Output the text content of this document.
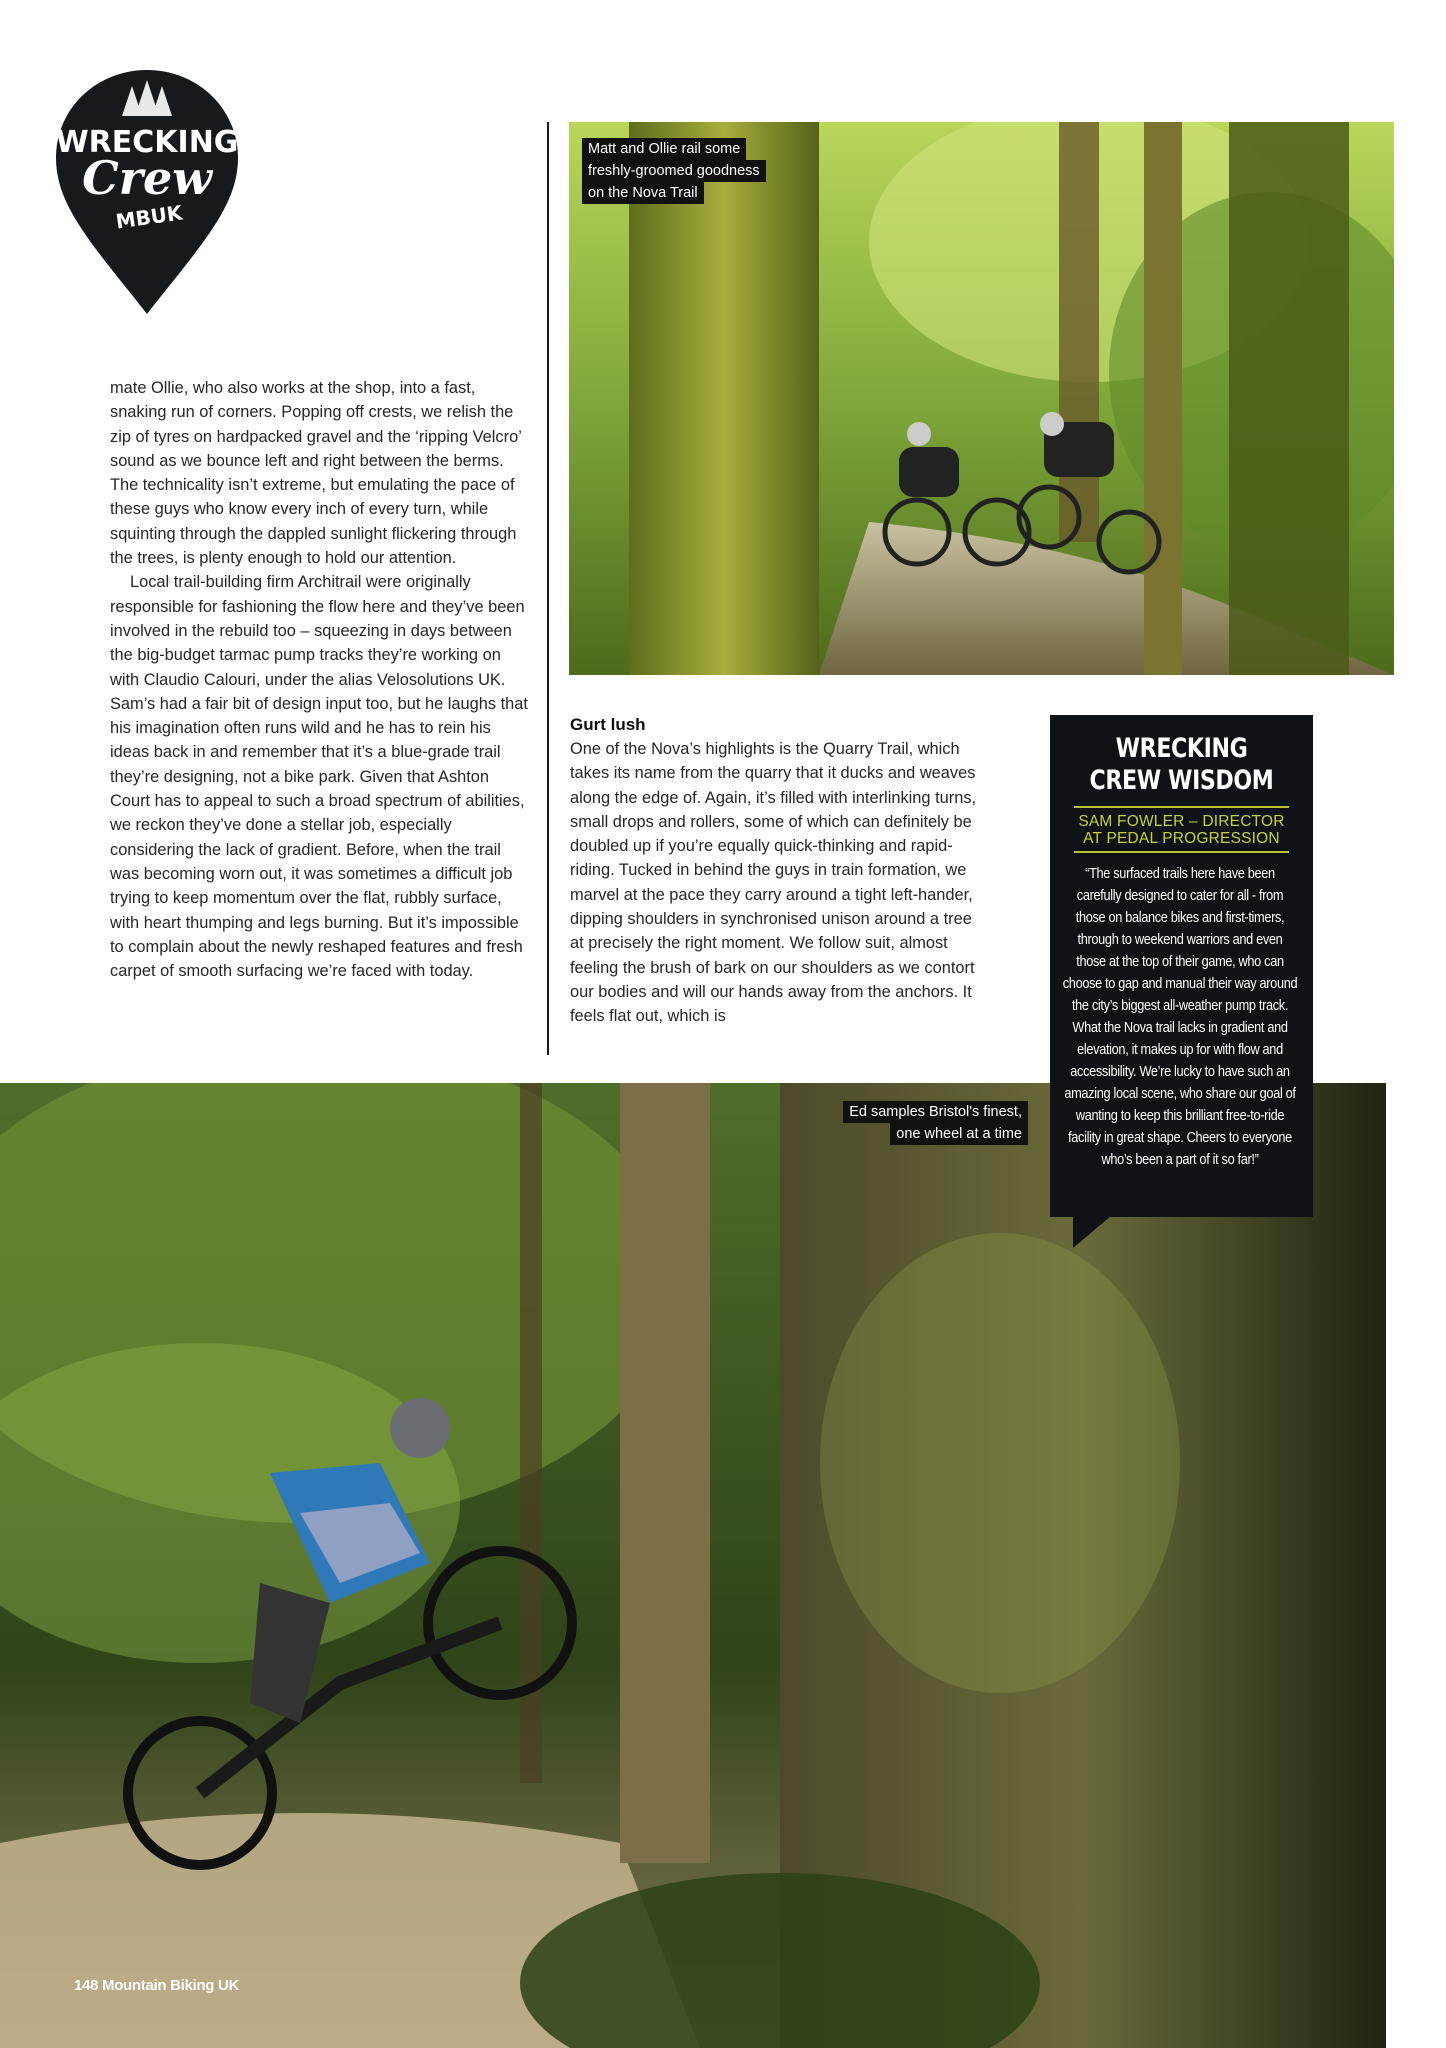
WRECKING
Crew
MBUK

mate Ollie, who also works at the shop, into a fast, snaking run of corners. Popping off crests, we relish the zip of tyres on hardpacked gravel and the ‘ripping Velcro’ sound as we bounce left and right between the berms. The technicality isn’t extreme, but emulating the pace of these guys who know every inch of every turn, while squinting through the dappled sunlight flickering through the trees, is plenty enough to hold our attention.

Local trail-building firm Architrail were originally responsible for fashioning the flow here and they’ve been involved in the rebuild too – squeezing in days between the big-budget tarmac pump tracks they’re working on with Claudio Calouri, under the alias Velosolutions UK. Sam’s had a fair bit of design input too, but he laughs that his imagination often runs wild and he has to rein his ideas back in and remember that it’s a blue-grade trail they’re designing, not a bike park. Given that Ashton Court has to appeal to such a broad spectrum of abilities, we reckon they’ve done a stellar job, especially considering the lack of gradient. Before, when the trail was becoming worn out, it was sometimes a difficult job trying to keep momentum over the flat, rubbly surface, with heart thumping and legs burning. But it’s impossible to complain about the newly reshaped features and fresh carpet of smooth surfacing we’re faced with today.

Matt and Ollie rail some
freshly-groomed goodness
on the Nova Trail
Gurt lush

One of the Nova’s highlights is the Quarry Trail, which takes its name from the quarry that it ducks and weaves along the edge of. Again, it’s filled with interlinking turns, small drops and rollers, some of which can definitely be doubled up if you’re equally quick-thinking and rapid-riding. Tucked in behind the guys in train formation, we marvel at the pace they carry around a tight left-hander, dipping shoulders in synchronised unison around a tree at precisely the right moment. We follow suit, almost feeling the brush of bark on our shoulders as we contort our bodies and will our hands away from the anchors. It feels flat out, which is

Ed samples Bristol's finest,
one wheel at a time
WRECKING
CREW WISDOM
SAM FOWLER – DIRECTOR
AT PEDAL PROGRESSION
“The surfaced trails here have been carefully designed to cater for all - from those on balance bikes and first-timers, through to weekend warriors and even those at the top of their game, who can choose to gap and manual their way around the city’s biggest all-weather pump track. What the Nova trail lacks in gradient and elevation, it makes up for with flow and accessibility. We’re lucky to have such an amazing local scene, who share our goal of wanting to keep this brilliant free-to-ride facility in great shape. Cheers to everyone who’s been a part of it so far!”
148 Mountain Biking UK
